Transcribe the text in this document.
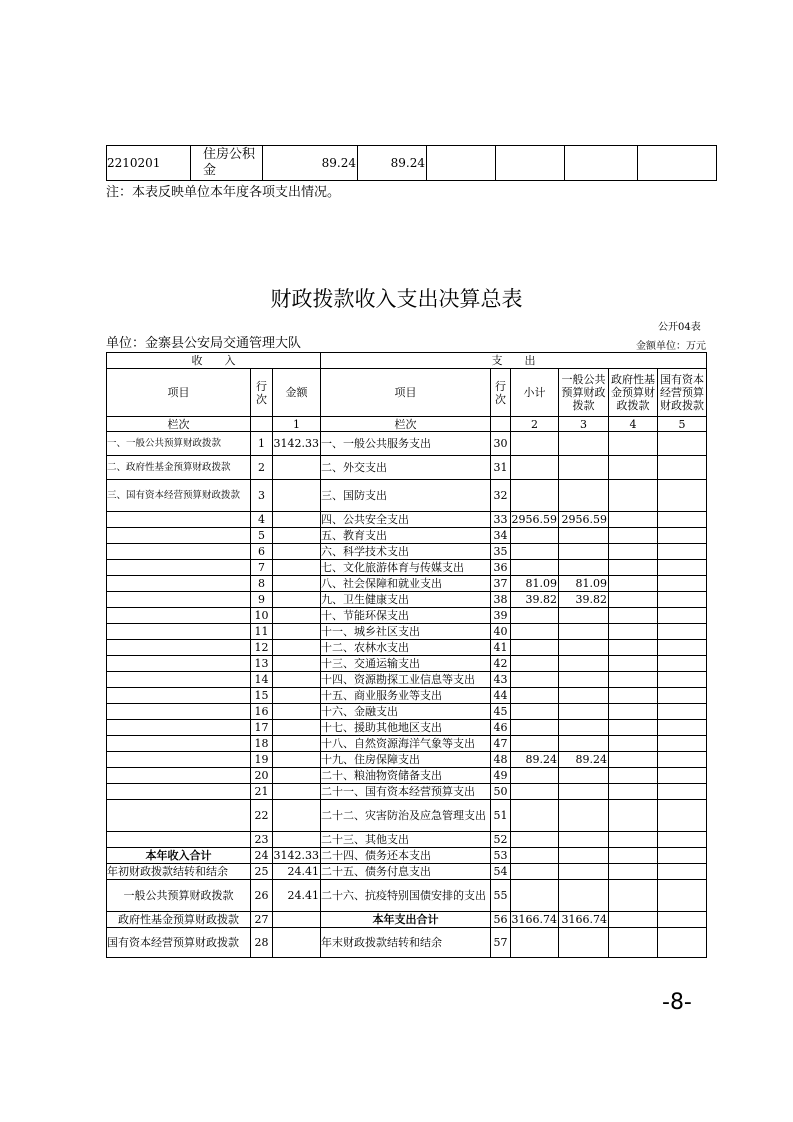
2210201	住房公积金	89.24	89.24				
注：本表反映单位本年度各项支出情况。
财政拨款收入支出决算总表
公开04表
单位：金寨县公安局交通管理大队	金额单位：万元
收　　入			支　　出					
项目	行次	金额	项目	行次	小计	一般公共预算财政拨款	政府性基金预算财政拨款	国有资本经营预算财政拨款
栏次		1	栏次		2	3	4	5
一、一般公共预算财政拨款	1	3142.33	一、一般公共服务支出	30				
二、政府性基金预算财政拨款	2		二、外交支出	31				
三、国有资本经营预算财政拨款	3		三、国防支出	32				
	4		四、公共安全支出	33	2956.59	2956.59		
	5		五、教育支出	34				
	6		六、科学技术支出	35				
	7		七、文化旅游体育与传媒支出	36				
	8		八、社会保障和就业支出	37	81.09	81.09		
	9		九、卫生健康支出	38	39.82	39.82		
	10		十、节能环保支出	39				
	11		十一、城乡社区支出	40				
	12		十二、农林水支出	41				
	13		十三、交通运输支出	42				
	14		十四、资源勘探工业信息等支出	43				
	15		十五、商业服务业等支出	44				
	16		十六、金融支出	45				
	17		十七、援助其他地区支出	46				
	18		十八、自然资源海洋气象等支出	47				
	19		十九、住房保障支出	48	89.24	89.24		
	20		二十、粮油物资储备支出	49				
	21		二十一、国有资本经营预算支出	50				
	22		二十二、灾害防治及应急管理支出	51				
	23		二十三、其他支出	52				
本年收入合计	24	3142.33	二十四、债务还本支出	53				
年初财政拨款结转和结余	25	24.41	二十五、债务付息支出	54				
一般公共预算财政拨款	26	24.41	二十六、抗疫特别国债安排的支出	55				
政府性基金预算财政拨款	27		本年支出合计	56	3166.74	3166.74		
国有资本经营预算财政拨款	28		年末财政拨款结转和结余	57				
-8-
